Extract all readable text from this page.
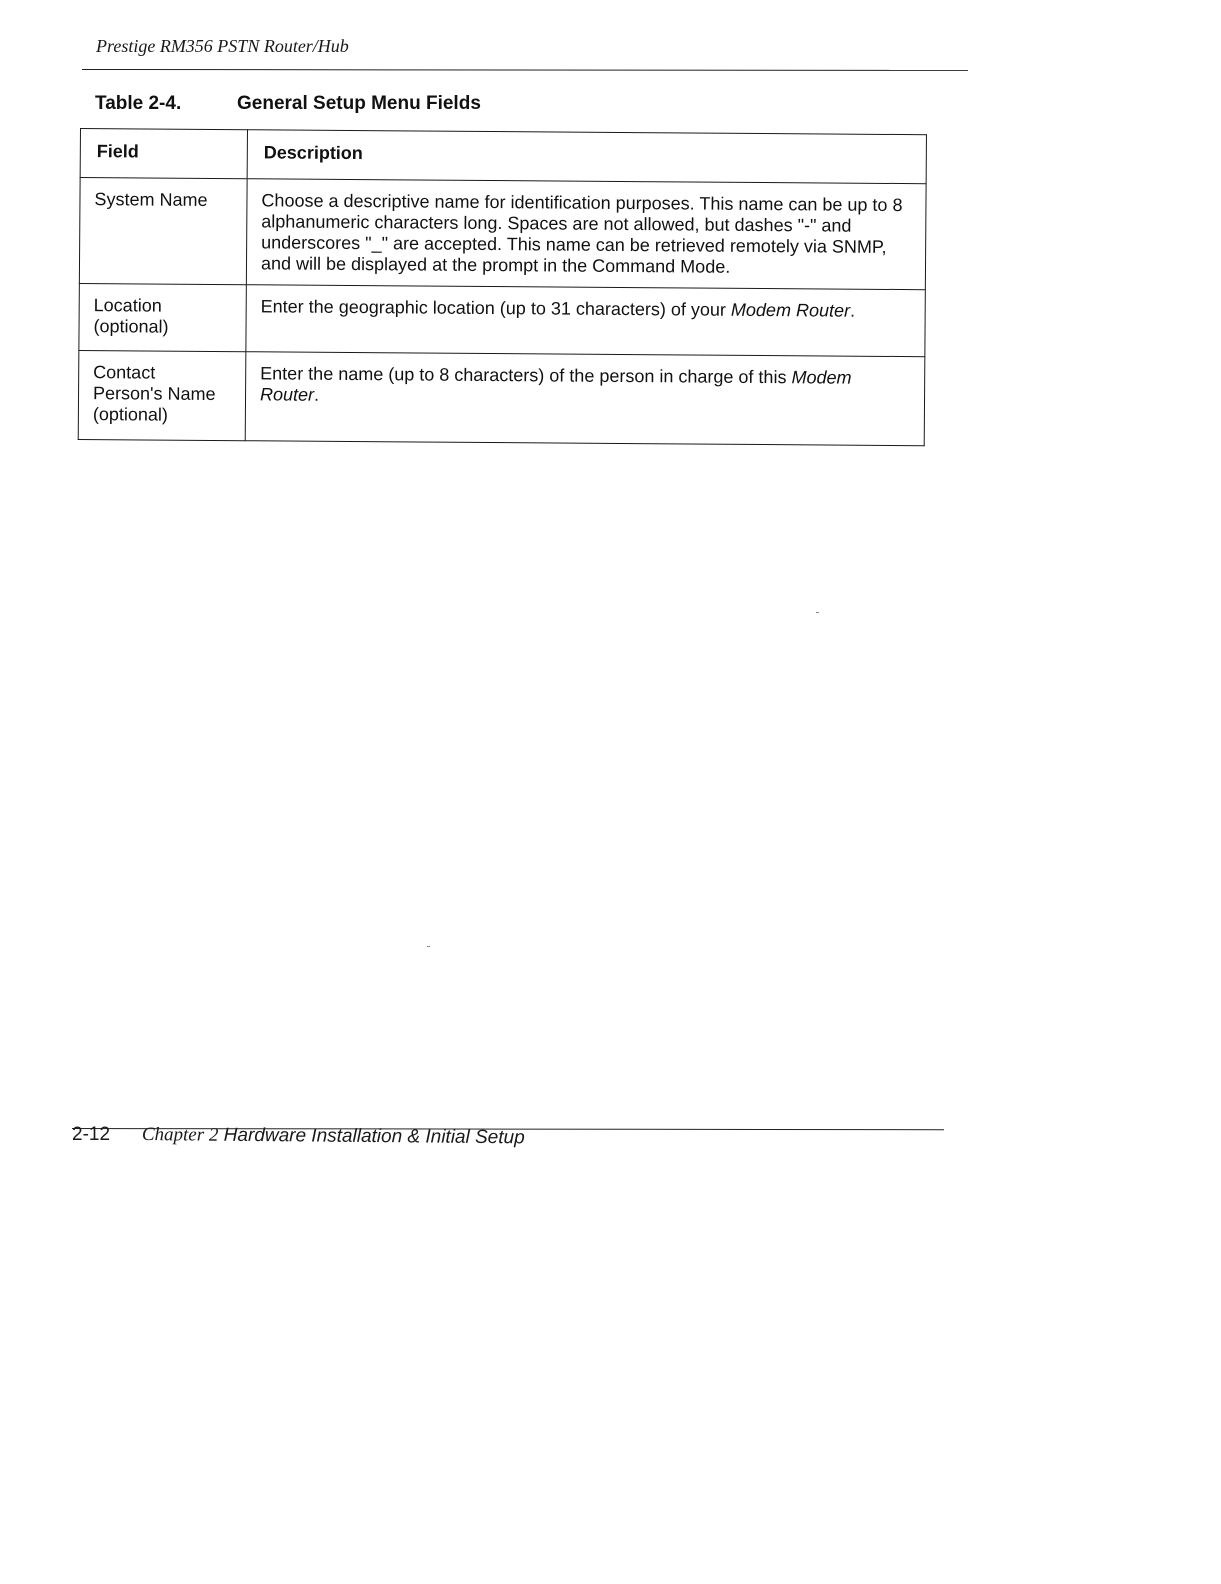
Prestige RM356 PSTN Router/Hub
Table 2-4.	General Setup Menu Fields
Field	Description
System Name	Choose a descriptive name for identification purposes. This name can be up to 8 alphanumeric characters long. Spaces are not allowed, but dashes "-" and underscores "_" are accepted. This name can be retrieved remotely via SNMP, and will be displayed at the prompt in the Command Mode.

Location
(optional)	Enter the geographic location (up to 31 characters) of your Modem Router.

Contact
Person's Name
(optional)	Enter the name (up to 8 characters) of the person in charge of this Modem Router.
2-12 Chapter 2 Hardware Installation & Initial Setup
